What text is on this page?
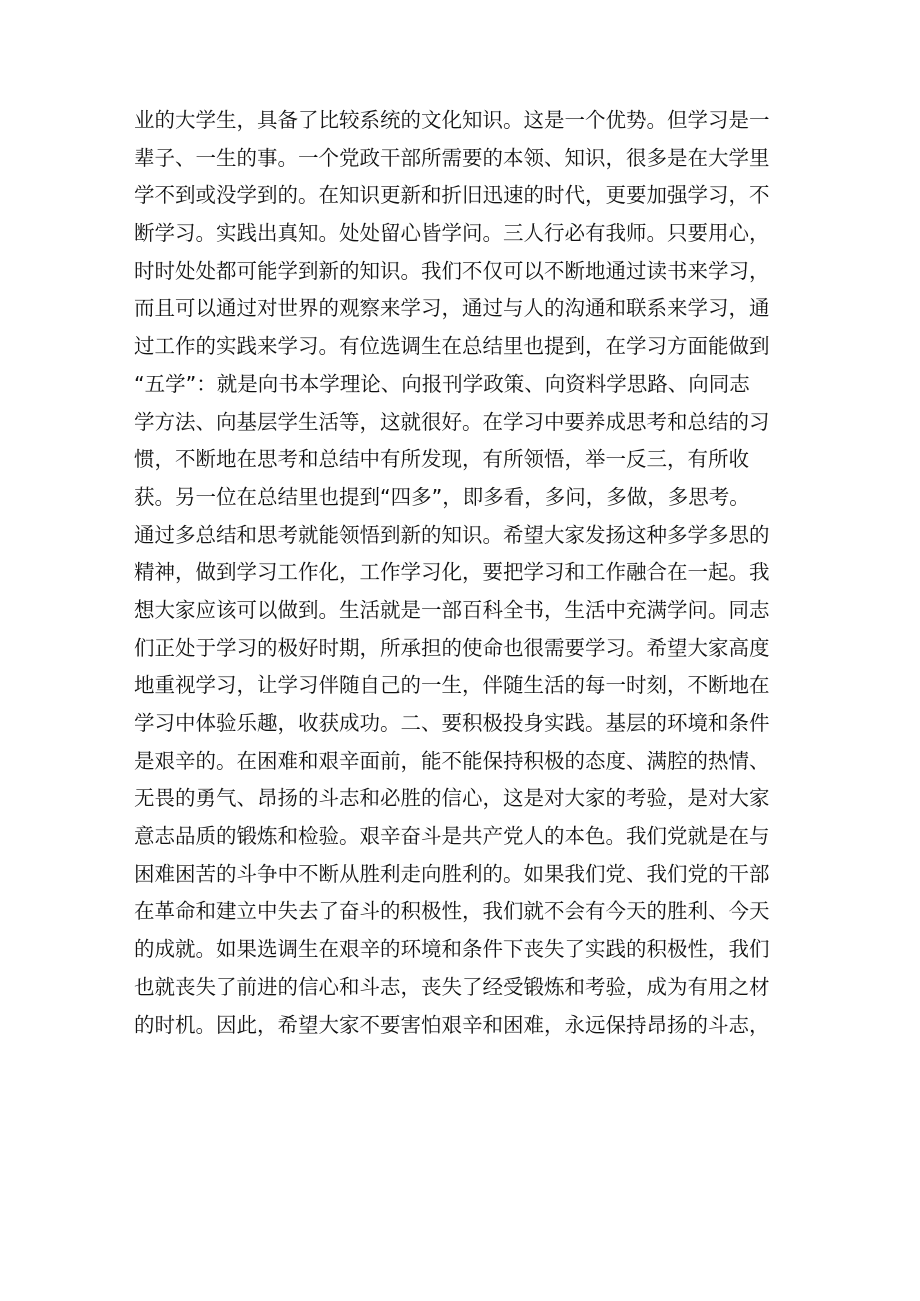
业的大学生，具备了比较系统的文化知识。这是一个优势。但学习是一
辈子、一生的事。一个党政干部所需要的本领、知识，很多是在大学里
学不到或没学到的。在知识更新和折旧迅速的时代，更要加强学习，不
断学习。实践出真知。处处留心皆学问。三人行必有我师。只要用心，
时时处处都可能学到新的知识。我们不仅可以不断地通过读书来学习，
而且可以通过对世界的观察来学习，通过与人的沟通和联系来学习，通
过工作的实践来学习。有位选调生在总结里也提到，在学习方面能做到
“五学”：就是向书本学理论、向报刊学政策、向资料学思路、向同志
学方法、向基层学生活等，这就很好。在学习中要养成思考和总结的习
惯，不断地在思考和总结中有所发现，有所领悟，举一反三，有所收
获。另一位在总结里也提到“四多”，即多看，多问，多做，多思考。
通过多总结和思考就能领悟到新的知识。希望大家发扬这种多学多思的
精神，做到学习工作化，工作学习化，要把学习和工作融合在一起。我
想大家应该可以做到。生活就是一部百科全书，生活中充满学问。同志
们正处于学习的极好时期，所承担的使命也很需要学习。希望大家高度
地重视学习，让学习伴随自己的一生，伴随生活的每一时刻，不断地在
学习中体验乐趣，收获成功。二、要积极投身实践。基层的环境和条件
是艰辛的。在困难和艰辛面前，能不能保持积极的态度、满腔的热情、
无畏的勇气、昂扬的斗志和必胜的信心，这是对大家的考验，是对大家
意志品质的锻炼和检验。艰辛奋斗是共产党人的本色。我们党就是在与
困难困苦的斗争中不断从胜利走向胜利的。如果我们党、我们党的干部
在革命和建立中失去了奋斗的积极性，我们就不会有今天的胜利、今天
的成就。如果选调生在艰辛的环境和条件下丧失了实践的积极性，我们
也就丧失了前进的信心和斗志，丧失了经受锻炼和考验，成为有用之材
的时机。因此，希望大家不要害怕艰辛和困难，永远保持昂扬的斗志，
